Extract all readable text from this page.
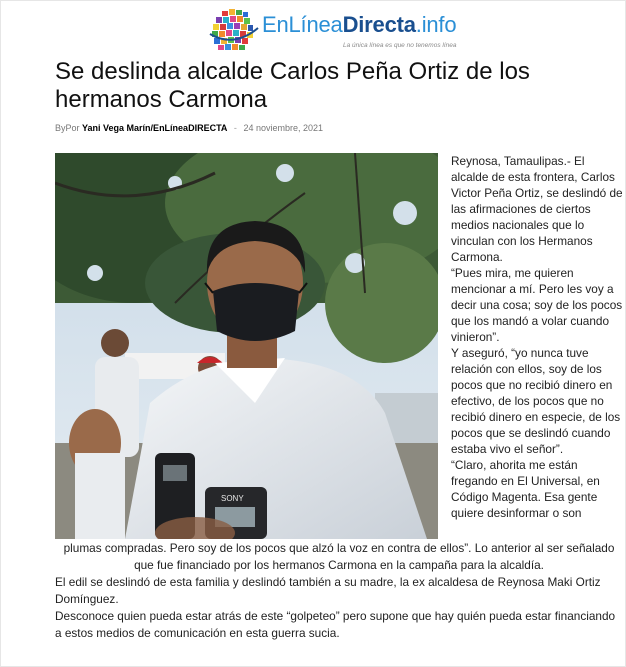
EnLíneaDirecta.info
La única línea es que no tenemos línea
Se deslinda alcalde Carlos Peña Ortiz de los hermanos Carmona
ByPor Yani Vega Marín/EnLíneaDIRECTA - 24 noviembre, 2021
SONY

Reynosa, Tamaulipas.- El alcalde de esta frontera, Carlos Victor Peña Ortiz, se deslindó de las afirmaciones de ciertos medios nacionales que lo vinculan con los Hermanos Carmona.

“Pues mira, me quieren mencionar a mí. Pero les voy a decir una cosa; soy de los pocos que los mandó a volar cuando vinieron”.

Y aseguró, “yo nunca tuve relación con ellos, soy de los pocos que no recibió dinero en efectivo, de los pocos que no recibió dinero en especie, de los pocos que se deslindó cuando estaba vivo el señor”.

“Claro, ahorita me están fregando en El Universal, en Código Magenta. Esa gente quiere desinformar o son

plumas compradas. Pero soy de los pocos que alzó la voz en contra de ellos”. Lo anterior al ser señalado que fue financiado por los hermanos Carmona en la campaña para la alcaldía.

El edil se deslindó de esta familia y deslindó también a su madre, la ex alcaldesa de Reynosa Maki Ortiz Domínguez.

Desconoce quien pueda estar atrás de este “golpeteo” pero supone que hay quién pueda estar financiando a estos medios de comunicación en esta guerra sucia.
